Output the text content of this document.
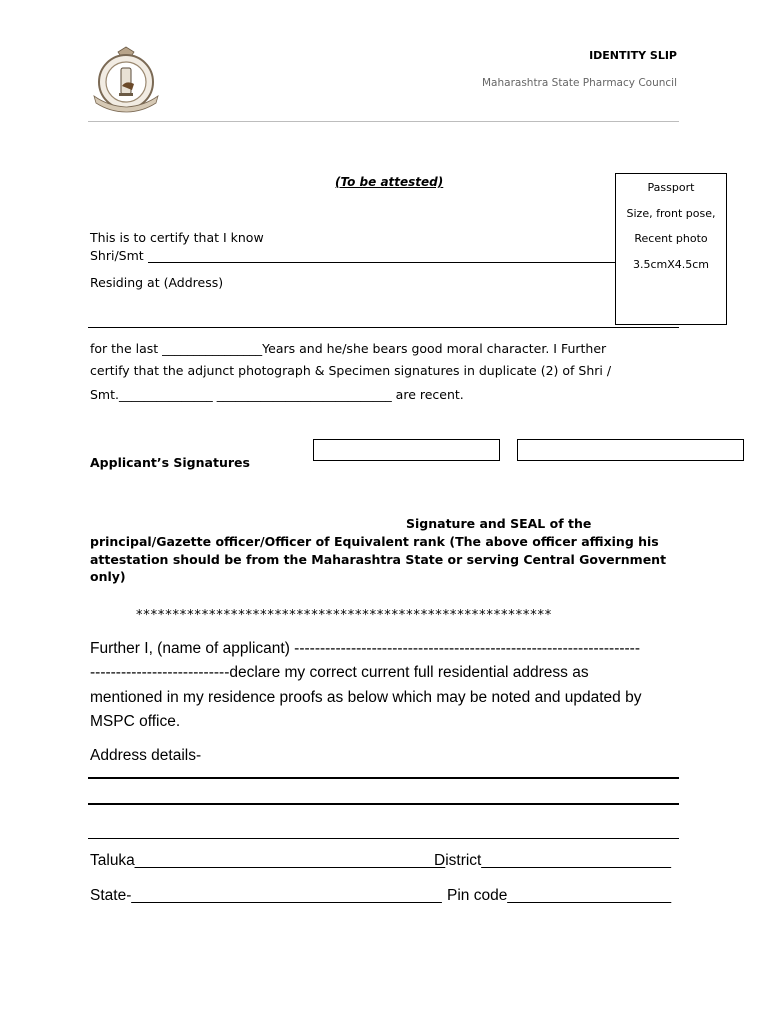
IDENTITY SLIP
Maharashtra State Pharmacy Council
(To be attested)	Passport
Size, front pose,
Recent photo
3.5cmX4.5cm
This is to certify that I know
Shri/Smt
Residing at (Address)
for the last ________________Years and he/she bears good moral character. I Further
certify that the adjunct photograph & Specimen signatures in duplicate (2) of Shri /
Smt._______________ ____________________________ are recent.
Applicant’s Signatures
Signature and SEAL of the
principal/Gazette officer/Officer of Equivalent rank (The above officer affixing his attestation should be from the Maharashtra State or serving Central Government only)
*********************************************************
Further I, (name of applicant) -------------------------------------------------------------------
---------------------------declare my correct current full residential address as
mentioned in my residence proofs as below which may be noted and updated by
MSPC office.
Address details-
Taluka____________________________________
District______________________
State-____________________________________ Pin code___________________
